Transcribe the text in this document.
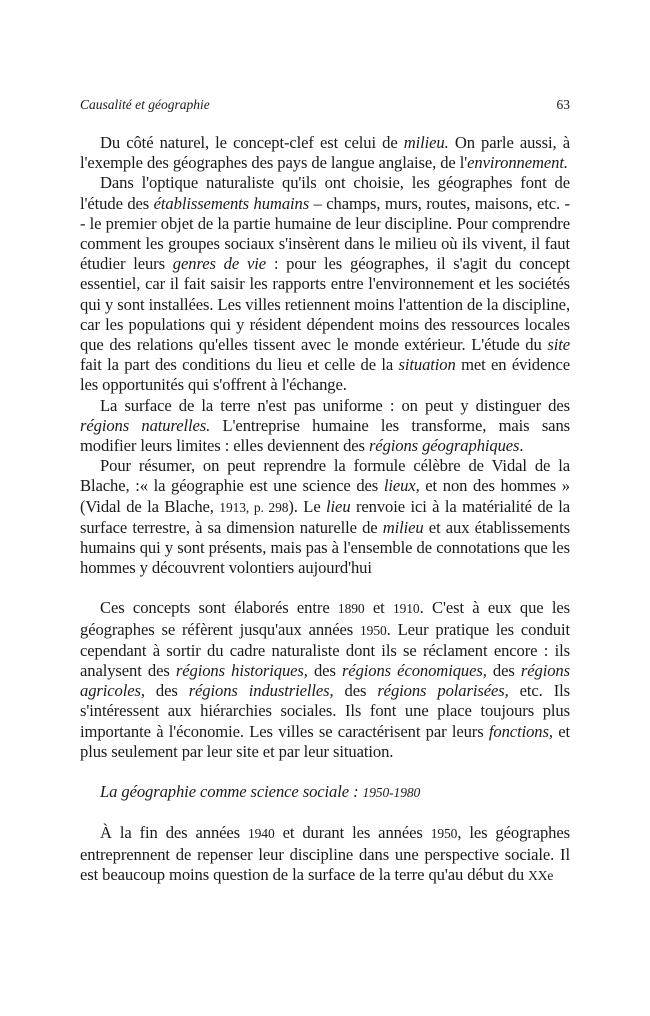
Causalité et géographie	63

Du côté naturel, le concept-clef est celui de milieu. On parle aussi, à l'exemple des géographes des pays de langue anglaise, de l'environnement.

Dans l'optique naturaliste qu'ils ont choisie, les géographes font de l'étude des établissements humains – champs, murs, routes, maisons, etc. -- le premier objet de la partie humaine de leur discipline. Pour comprendre comment les groupes sociaux s'insèrent dans le milieu où ils vivent, il faut étudier leurs genres de vie : pour les géographes, il s'agit du concept essentiel, car il fait saisir les rapports entre l'environnement et les sociétés qui y sont installées. Les villes retiennent moins l'attention de la discipline, car les populations qui y résident dépendent moins des ressources locales que des relations qu'elles tissent avec le monde extérieur. L'étude du site fait la part des conditions du lieu et celle de la situation met en évidence les opportunités qui s'offrent à l'échange.

La surface de la terre n'est pas uniforme : on peut y distinguer des régions naturelles. L'entreprise humaine les transforme, mais sans modifier leurs limites : elles deviennent des régions géographiques.

Pour résumer, on peut reprendre la formule célèbre de Vidal de la Blache, :« la géographie est une science des lieux, et non des hommes » (Vidal de la Blache, 1913, p. 298). Le lieu renvoie ici à la matérialité de la surface terrestre, à sa dimension naturelle de milieu et aux établissements humains qui y sont présents, mais pas à l'ensemble de connotations que les hommes y découvrent volontiers aujourd'hui

Ces concepts sont élaborés entre 1890 et 1910. C'est à eux que les géographes se réfèrent jusqu'aux années 1950. Leur pratique les conduit cependant à sortir du cadre naturaliste dont ils se réclament encore : ils analysent des régions historiques, des régions économiques, des régions agricoles, des régions industrielles, des régions polarisées, etc. Ils s'intéressent aux hiérarchies sociales. Ils font une place toujours plus importante à l'économie. Les villes se caractérisent par leurs fonctions, et plus seulement par leur site et par leur situation.

La géographie comme science sociale : 1950-1980

À la fin des années 1940 et durant les années 1950, les géographes entreprennent de repenser leur discipline dans une perspective sociale. Il est beaucoup moins question de la surface de la terre qu'au début du XXe
